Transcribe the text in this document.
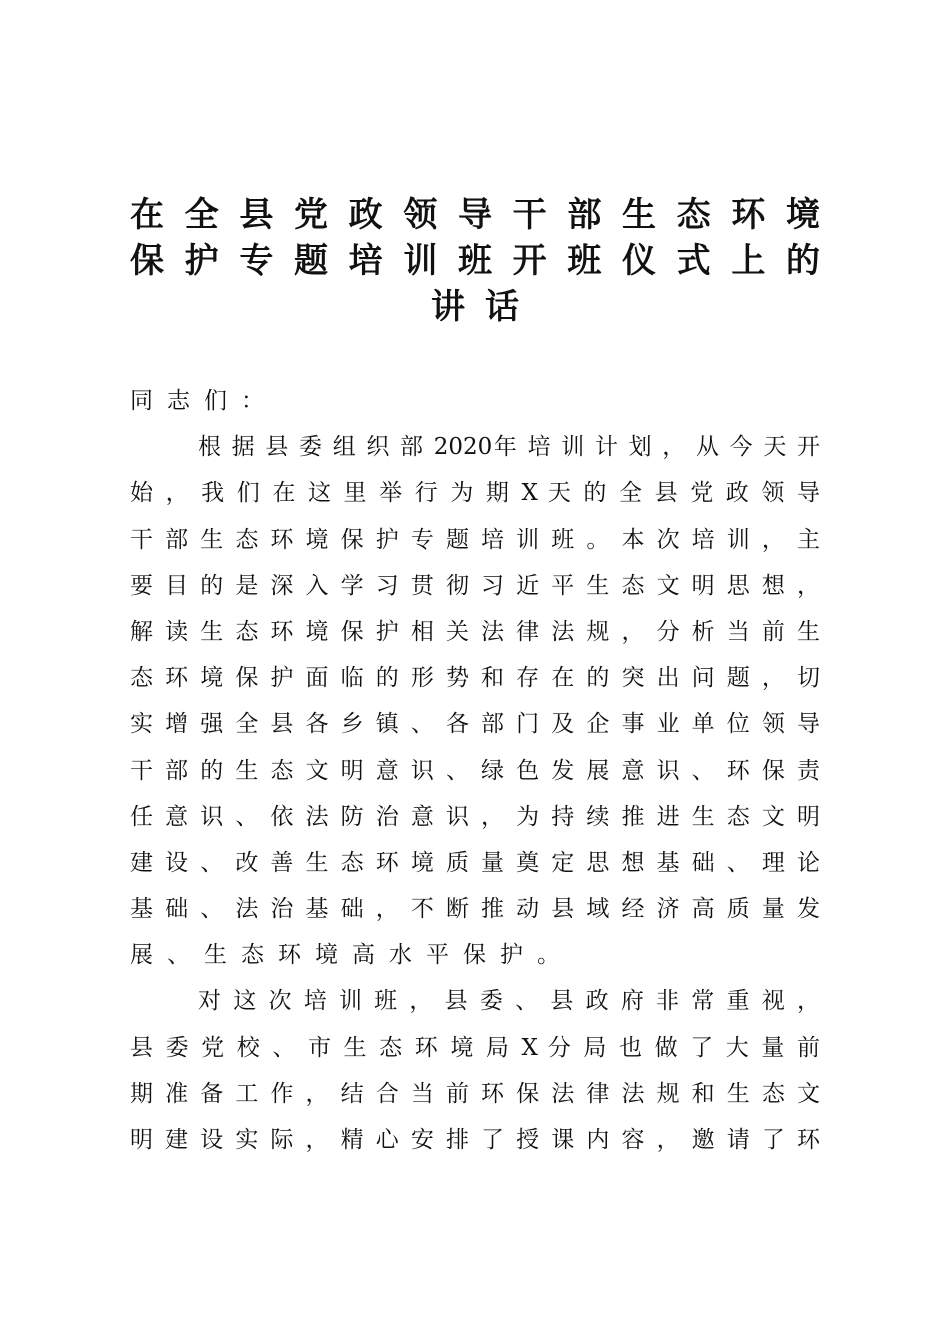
在 全 县 党 政 领 导 干 部 生 态 环 境
保 护 专 题 培 训 班 开 班 仪 式 上 的
讲话
同志们：
根 据 县 委 组 织 部 2020年 培 训 计 划 ， 从 今 天 开
始 ， 我 们 在 这 里 举 行 为 期 X 天 的 全 县 党 政 领 导
干 部 生 态 环 境 保 护 专 题 培 训 班 。 本 次 培 训 ， 主
要 目 的 是 深 入 学 习 贯 彻 习 近 平 生 态 文 明 思 想 ，
解 读 生 态 环 境 保 护 相 关 法 律 法 规 ， 分 析 当 前 生
态 环 境 保 护 面 临 的 形 势 和 存 在 的 突 出 问 题 ， 切
实 增 强 全 县 各 乡 镇 、 各 部 门 及 企 事 业 单 位 领 导
干 部 的 生 态 文 明 意 识 、 绿 色 发 展 意 识 、 环 保 责
任 意 识 、 依 法 防 治 意 识 ， 为 持 续 推 进 生 态 文 明
建 设 、 改 善 生 态 环 境 质 量 奠 定 思 想 基 础 、 理 论
基 础 、 法 治 基 础 ， 不 断 推 动 县 域 经 济 高 质 量 发
展、生态环境高水平保护。
对 这 次 培 训 班 ， 县 委 、 县 政 府 非 常 重 视 ，
县 委 党 校 、 市 生 态 环 境 局 X 分 局 也 做 了 大 量 前
期 准 备 工 作 ， 结 合 当 前 环 保 法 律 法 规 和 生 态 文
明 建 设 实 际 ， 精 心 安 排 了 授 课 内 容 ， 邀 请 了 环
